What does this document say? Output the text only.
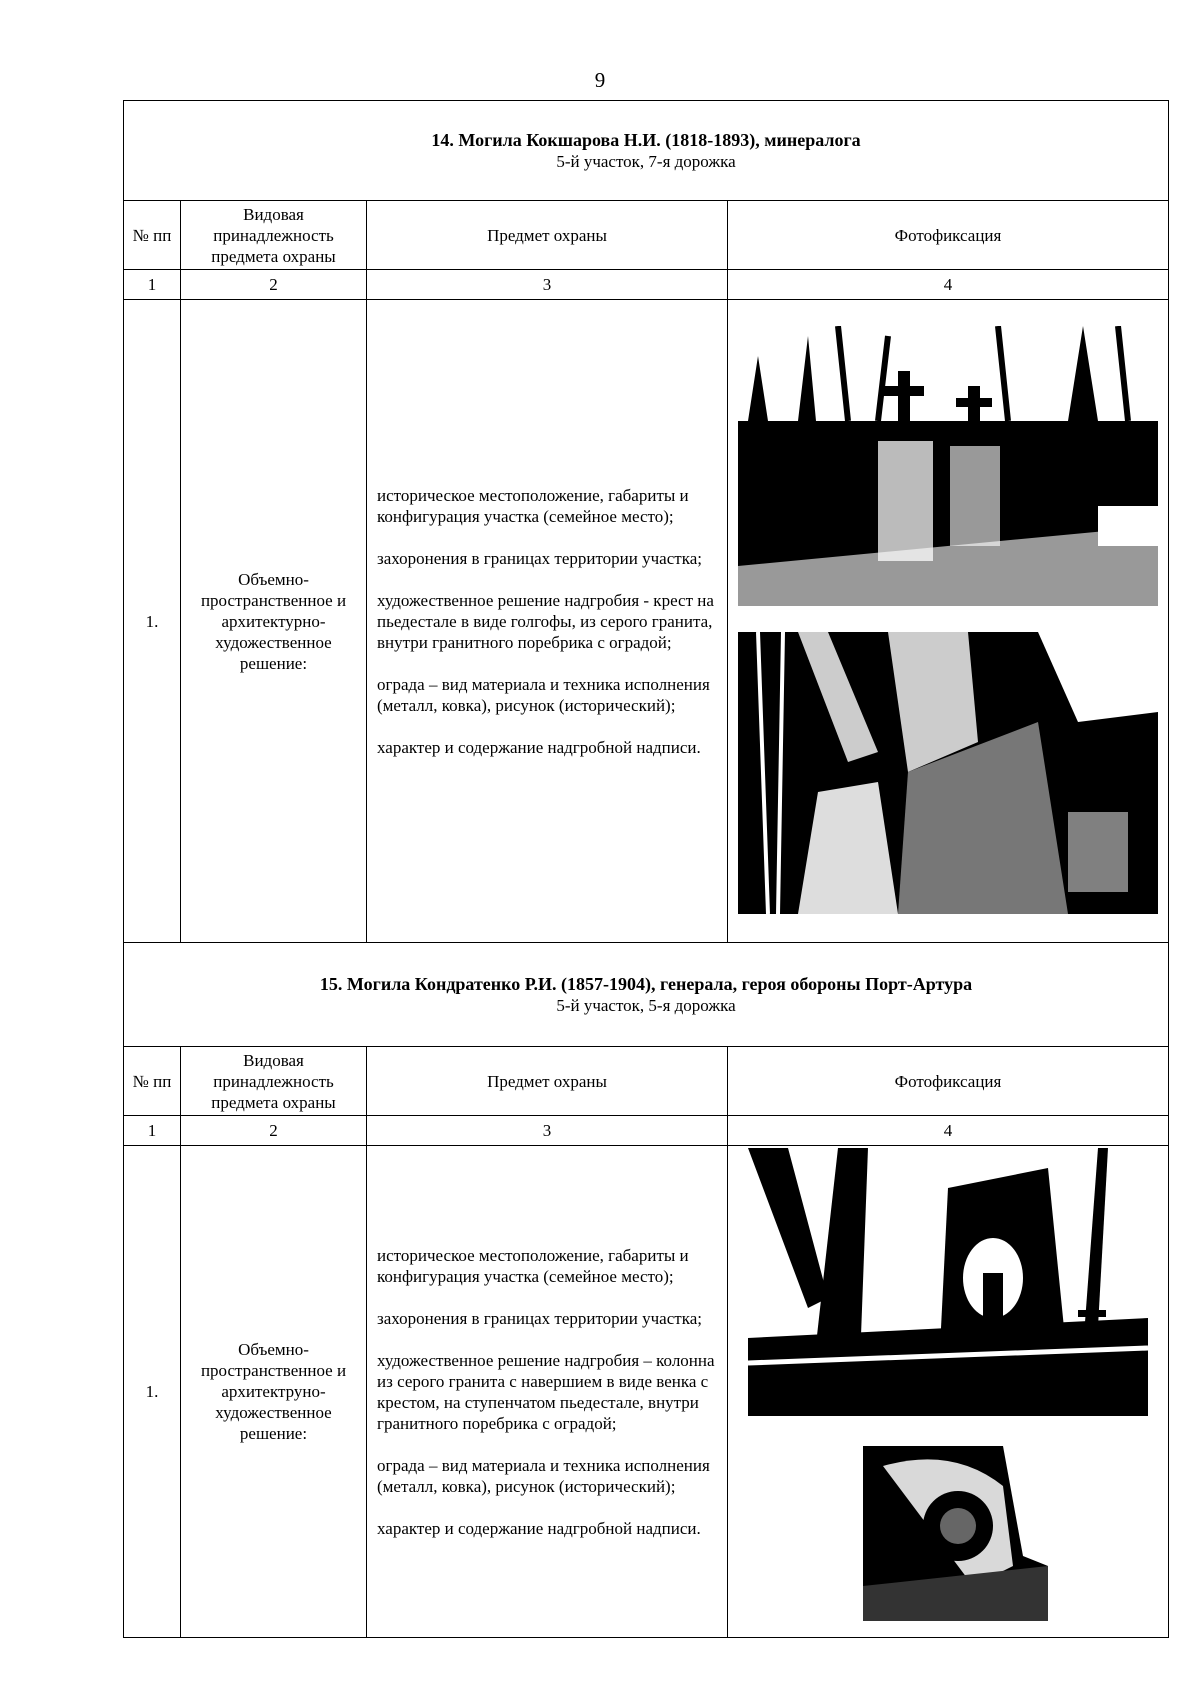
9
14. Могила Кокшарова Н.И. (1818-1893), минералога
5-й участок, 7-я дорожка			

№ пп	Видовая принадлежность предмета охраны	Предмет охраны	Фотофиксация
1	2	3	4
1.	Объемно-пространственное и архитектурно-художественное решение:	историческое местоположение, габариты и конфигурация участка (семейное место);

захоронения в границах территории участка;

художественное решение надгробия - крест на пьедестале в виде голгофы, из серого гранита, внутри гранитного поребрика с оградой;

ограда – вид материала и техника исполнения (металл, ковка), рисунок (исторический);

характер и содержание надгробной надписи.

15. Могила Кондратенко Р.И. (1857-1904), генерала, героя обороны Порт-Артура
5-й участок, 5-я дорожка			

№ пп	Видовая принадлежность предмета охраны	Предмет охраны	Фотофиксация
1	2	3	4
1.	Объемно-пространственное и архитектруно-художественное решение:	историческое местоположение, габариты и конфигурация участка (семейное место);

захоронения в границах территории участка;

художественное решение надгробия – колонна из серого гранита с навершием в виде венка с крестом, на ступенчатом пьедестале, внутри гранитного поребрика с оградой;

ограда – вид материала и техника исполнения (металл, ковка), рисунок (исторический);

характер и содержание надгробной надписи.
